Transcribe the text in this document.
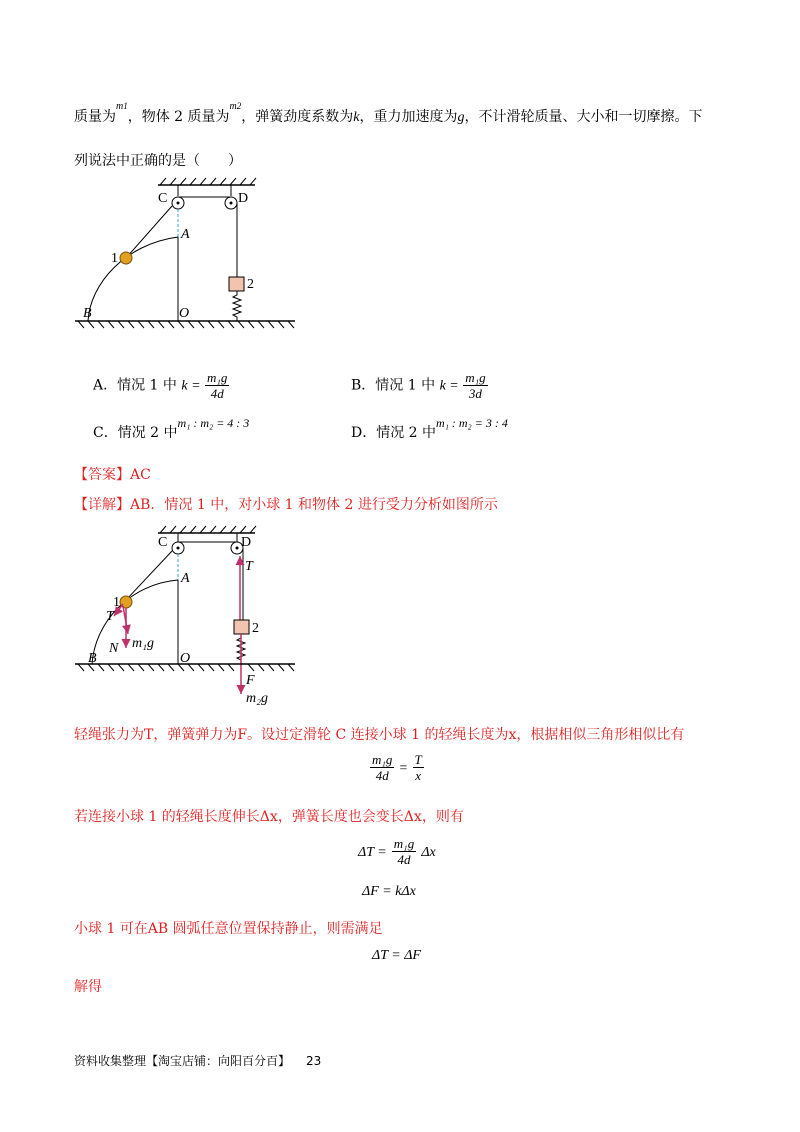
质量为$^{m1}$，物体 2 质量为$^{m2}$，弹簧劲度系数为k，重力加速度为g，不计滑轮质量、大小和一切摩擦。下
列说法中正确的是（　　）
C	D
A
1
2
B	O
A．情况 1 中 $k = \frac{\text{m₁g}}{4d}$	B．情况 1 中 $k = \frac{\text{m₁g}}{3d}$
C．情况 2 中m₁ : m₂ = 4 : 3
D．情况 2 中m₁ : m₂ = 3 : 4
【答案】AC
【详解】AB．情况 1 中，对小球 1 和物体 2 进行受力分析如图所示
C	D
A
1
2
B	O
T
T
N m₁g
F
m₂g
轻绳张力为T，弹簧弹力为F。设过定滑轮 C 连接小球 1 的轻绳长度为x，根据相似三角形相似比有
$\frac{\text{m₁g}}{4d} = \frac{T}{x}$
若连接小球 1 的轻绳长度伸长Δx，弹簧长度也会变长Δx，则有
$\Delta T = \frac{\text{m₁g}}{4d}$ Δx
ΔF = kΔx
小球 1 可在AB 圆弧任意位置保持静止，则需满足
ΔT = ΔF
解得
资料收集整理【淘宝店铺：向阳百分百】 23
